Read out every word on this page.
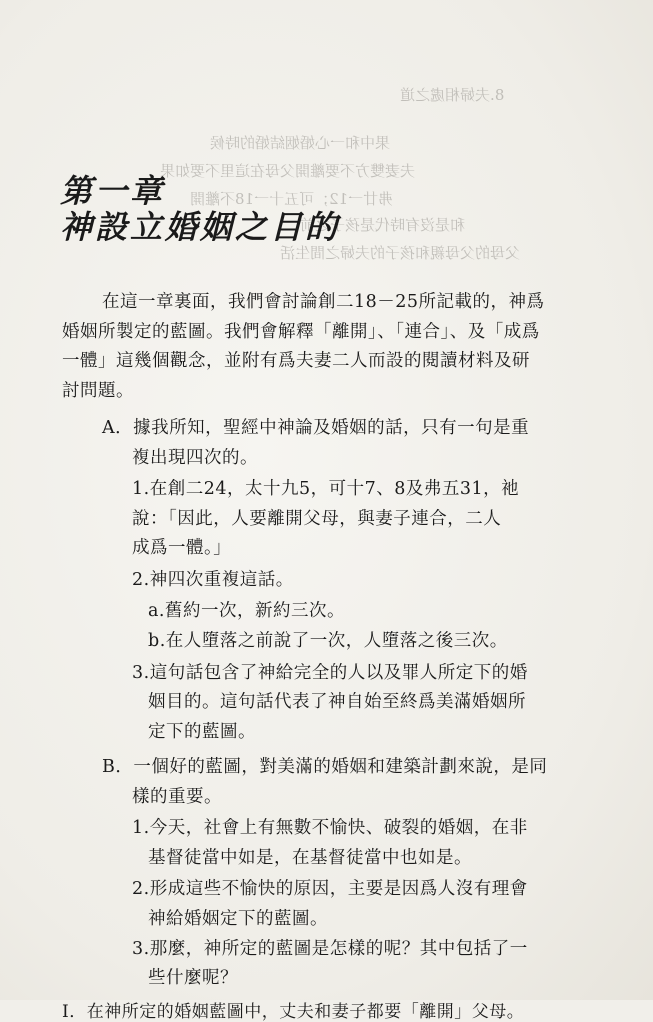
8.夫婦相處之道
果中和一心婚姻結婚的時候
夫妻雙方不要離開父母在這里不要如果
弗廿一12；可五十一18不離開
和是沒有時代是孩子之前
父母的父母親和孩子的夫婦之間生活
第一章
神設立婚姻之目的
在這一章裏面，我們會討論創二18－25所記載的，神爲
婚姻所製定的藍圖。我們會解釋「離開」、「連合」、及「成爲
一體」這幾個觀念，並附有爲夫妻二人而設的閱讀材料及研
討問題。
A．據我所知，聖經中神論及婚姻的話，只有一句是重
複出現四次的。
1.在創二24，太十九5，可十7、8及弗五31，祂
說：「因此，人要離開父母，與妻子連合，二人
成爲一體。」
2.神四次重複這話。
a.舊約一次，新約三次。
b.在人墮落之前說了一次，人墮落之後三次。
3.這句話包含了神給完全的人以及罪人所定下的婚
姻目的。這句話代表了神自始至終爲美滿婚姻所
定下的藍圖。
B．一個好的藍圖，對美滿的婚姻和建築計劃來說，是同
樣的重要。
1.今天，社會上有無數不愉快、破裂的婚姻，在非
基督徒當中如是，在基督徒當中也如是。
2.形成這些不愉快的原因，主要是因爲人沒有理會
神給婚姻定下的藍圖。
3.那麼，神所定的藍圖是怎樣的呢？其中包括了一
些什麼呢？
I．在神所定的婚姻藍圖中，丈夫和妻子都要「離開」父母。
